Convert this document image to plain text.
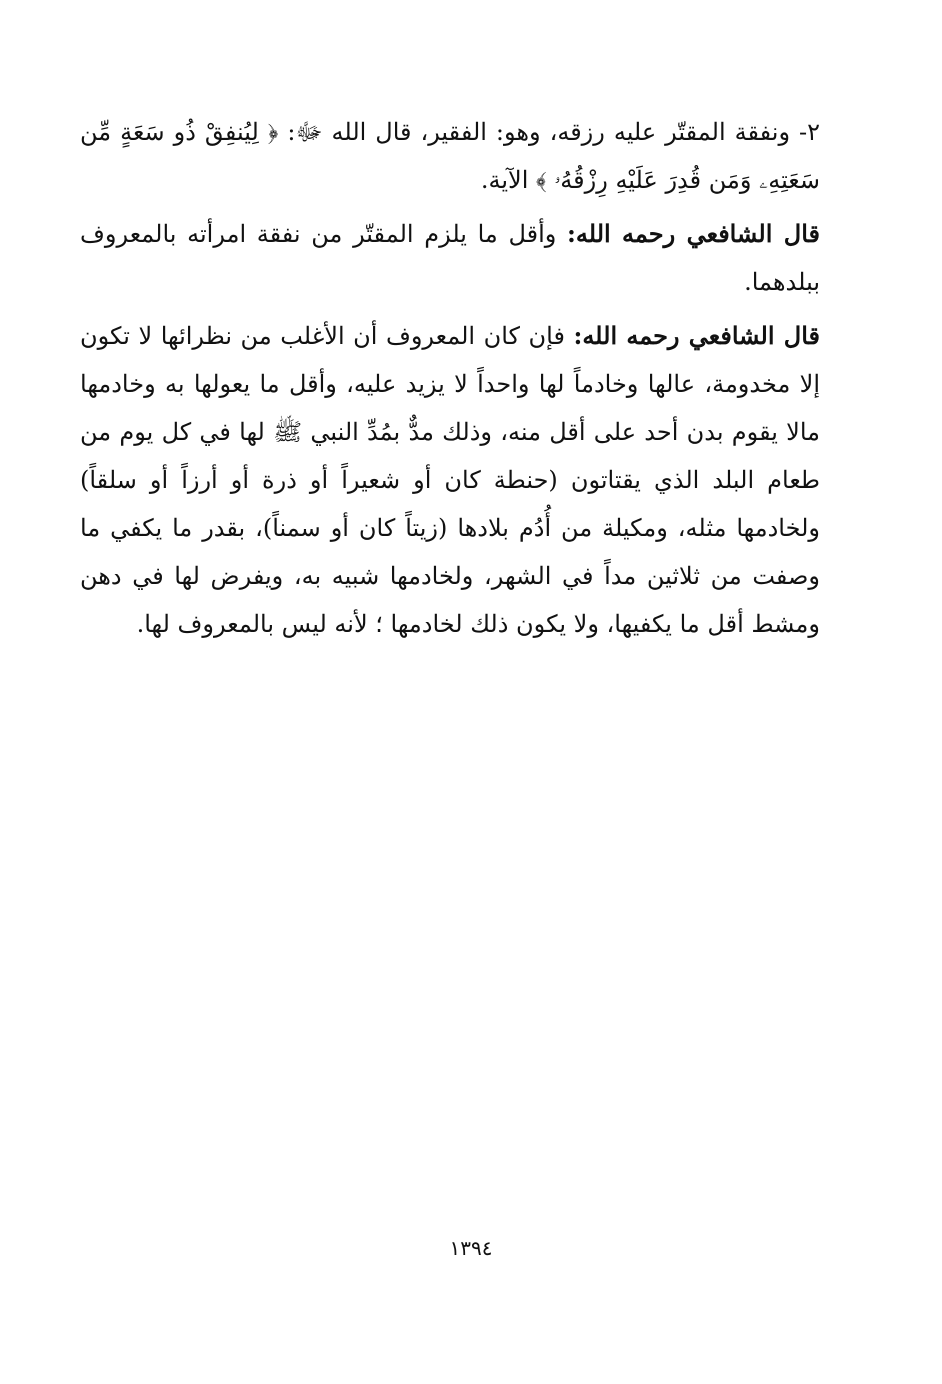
٢- ونفقة المقتّر عليه رزقه، وهو: الفقير، قال الله ﷻ: ﴿ لِيُنفِقْ ذُو سَعَةٍ مِّن سَعَتِهِۦ وَمَن قُدِرَ عَلَيْهِ رِزْقُهُۥ ﴾ الآية.

قال الشافعي رحمه الله: وأقل ما يلزم المقتّر من نفقة امرأته بالمعروف ببلدهما.

قال الشافعي رحمه الله: فإن كان المعروف أن الأغلب من نظرائها لا تكون إلا مخدومة، عالها وخادماً لها واحداً لا يزيد عليه، وأقل ما يعولها به وخادمها مالا يقوم بدن أحد على أقل منه، وذلك مدٌّ بمُدِّ النبي ﷺ لها في كل يوم من طعام البلد الذي يقتاتون (حنطة كان أو شعيراً أو ذرة أو أرزاً أو سلقاً) ولخادمها مثله، ومكيلة من أُدُم بلادها (زيتاً كان أو سمناً)، بقدر ما يكفي ما وصفت من ثلاثين مداً في الشهر، ولخادمها شبيه به، ويفرض لها في دهن ومشط أقل ما يكفيها، ولا يكون ذلك لخادمها ؛ لأنه ليس بالمعروف لها.

١٣٩٤
